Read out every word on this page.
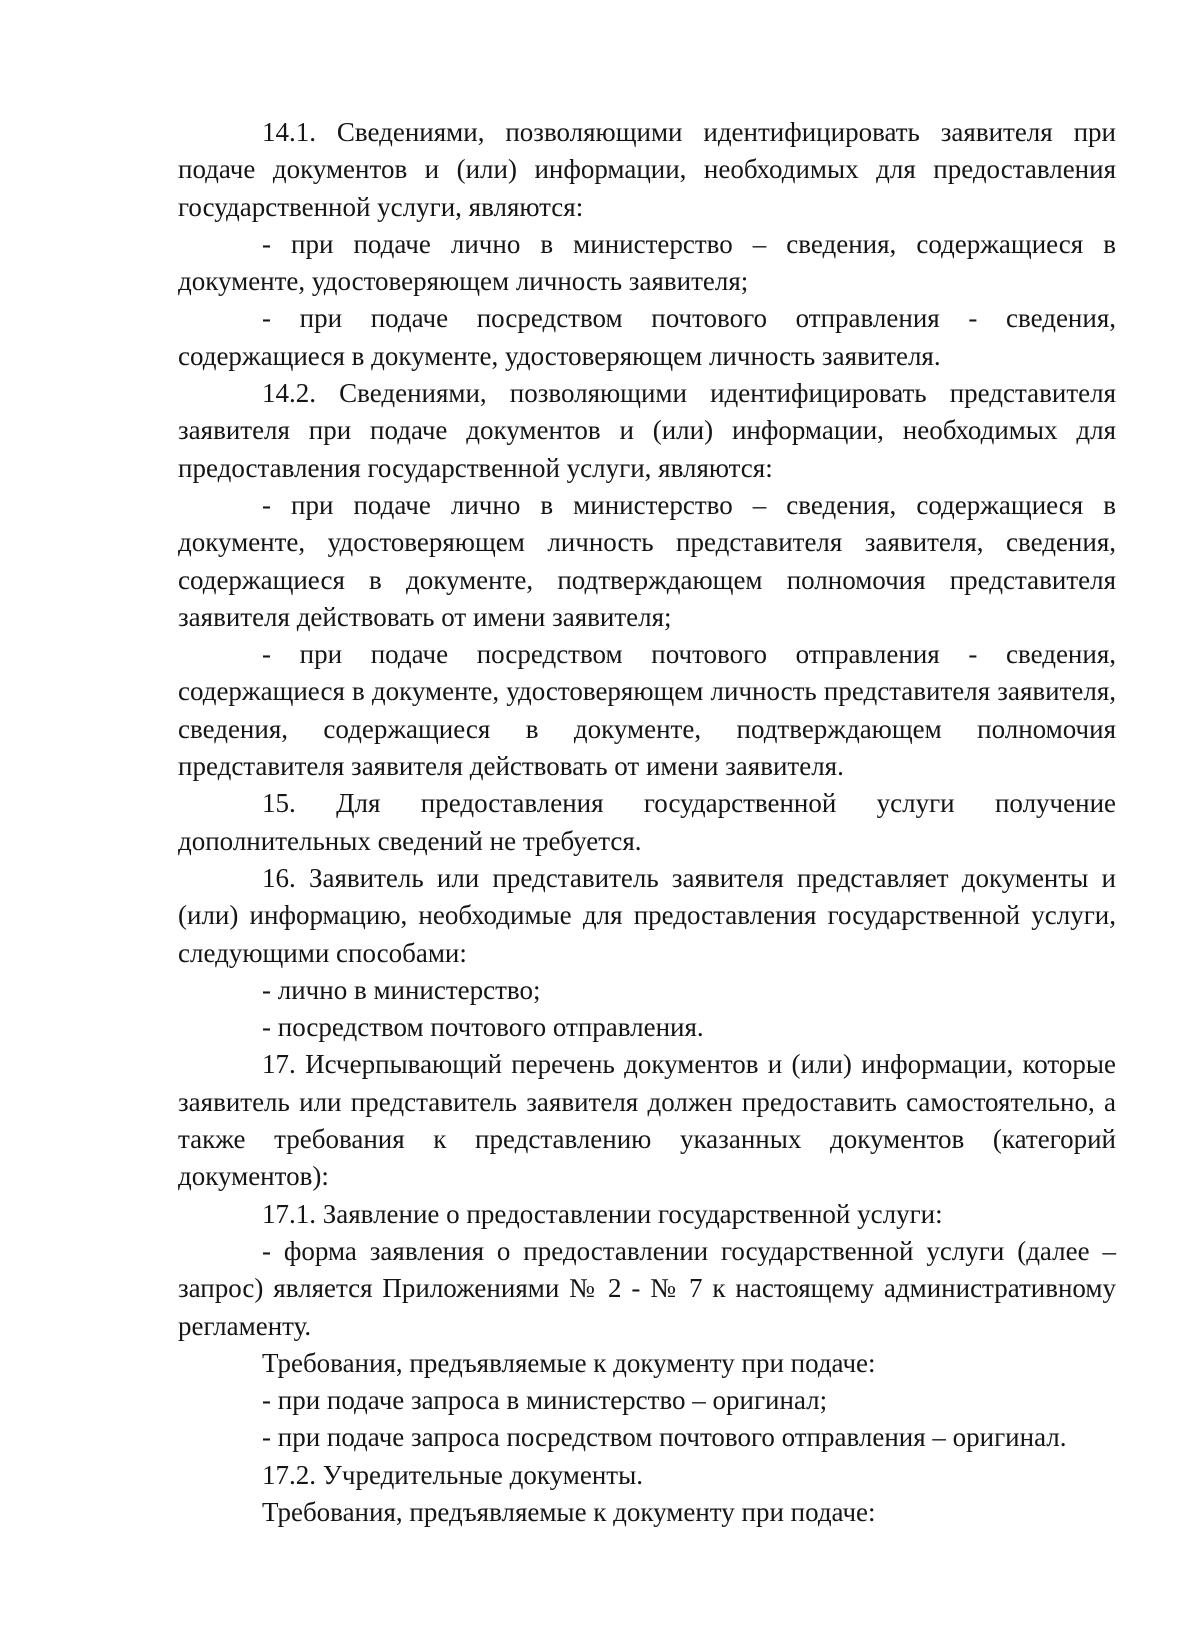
14.1. Сведениями, позволяющими идентифицировать заявителя при подаче документов и (или) информации, необходимых для предоставления государственной услуги, являются:

- при подаче лично в министерство – сведения, содержащиеся в документе, удостоверяющем личность заявителя;

- при подаче посредством почтового отправления - сведения, содержащиеся в документе, удостоверяющем личность заявителя.

14.2. Сведениями, позволяющими идентифицировать представителя заявителя при подаче документов и (или) информации, необходимых для предоставления государственной услуги, являются:

- при подаче лично в министерство – сведения, содержащиеся в документе, удостоверяющем личность представителя заявителя, сведения, содержащиеся в документе, подтверждающем полномочия представителя заявителя действовать от имени заявителя;

- при подаче посредством почтового отправления - сведения, содержащиеся в документе, удостоверяющем личность представителя заявителя, сведения, содержащиеся в документе, подтверждающем полномочия представителя заявителя действовать от имени заявителя.

15. Для предоставления государственной услуги получение дополнительных сведений не требуется.

16. Заявитель или представитель заявителя представляет документы и (или) информацию, необходимые для предоставления государственной услуги, следующими способами:

- лично в министерство;

- посредством почтового отправления.

17. Исчерпывающий перечень документов и (или) информации, которые заявитель или представитель заявителя должен предоставить самостоятельно, а также требования к представлению указанных документов (категорий документов):

17.1. Заявление о предоставлении государственной услуги:

- форма заявления о предоставлении государственной услуги (далее – запрос) является Приложениями № 2 - № 7 к настоящему административному регламенту.

Требования, предъявляемые к документу при подаче:

- при подаче запроса в министерство – оригинал;

- при подаче запроса посредством почтового отправления – оригинал.

17.2. Учредительные документы.

Требования, предъявляемые к документу при подаче:
